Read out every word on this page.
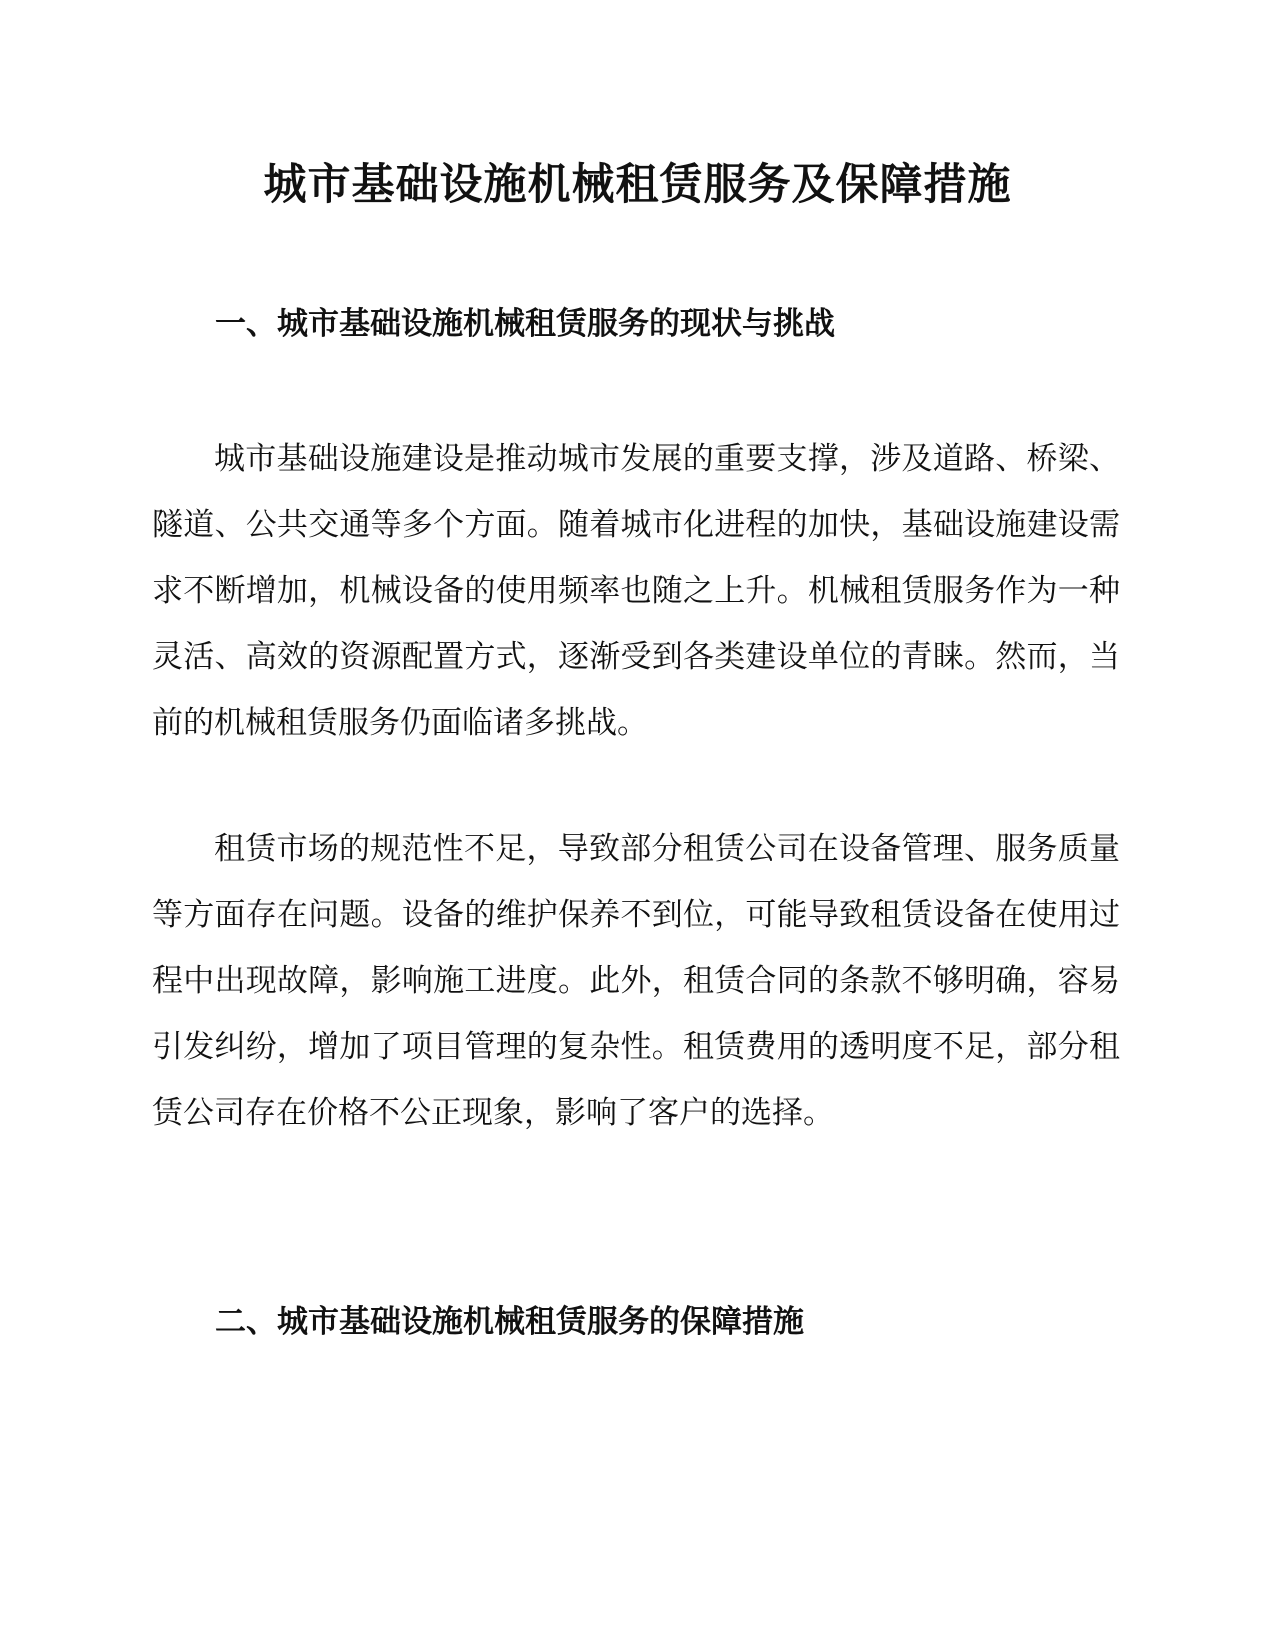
城市基础设施机械租赁服务及保障措施
一、城市基础设施机械租赁服务的现状与挑战

城市基础设施建设是推动城市发展的重要支撑，涉及道路、桥梁、隧道、公共交通等多个方面。随着城市化进程的加快，基础设施建设需求不断增加，机械设备的使用频率也随之上升。机械租赁服务作为一种灵活、高效的资源配置方式，逐渐受到各类建设单位的青睐。然而，当前的机械租赁服务仍面临诸多挑战。

租赁市场的规范性不足，导致部分租赁公司在设备管理、服务质量等方面存在问题。设备的维护保养不到位，可能导致租赁设备在使用过程中出现故障，影响施工进度。此外，租赁合同的条款不够明确，容易引发纠纷，增加了项目管理的复杂性。租赁费用的透明度不足，部分租赁公司存在价格不公正现象，影响了客户的选择。

二、城市基础设施机械租赁服务的保障措施
